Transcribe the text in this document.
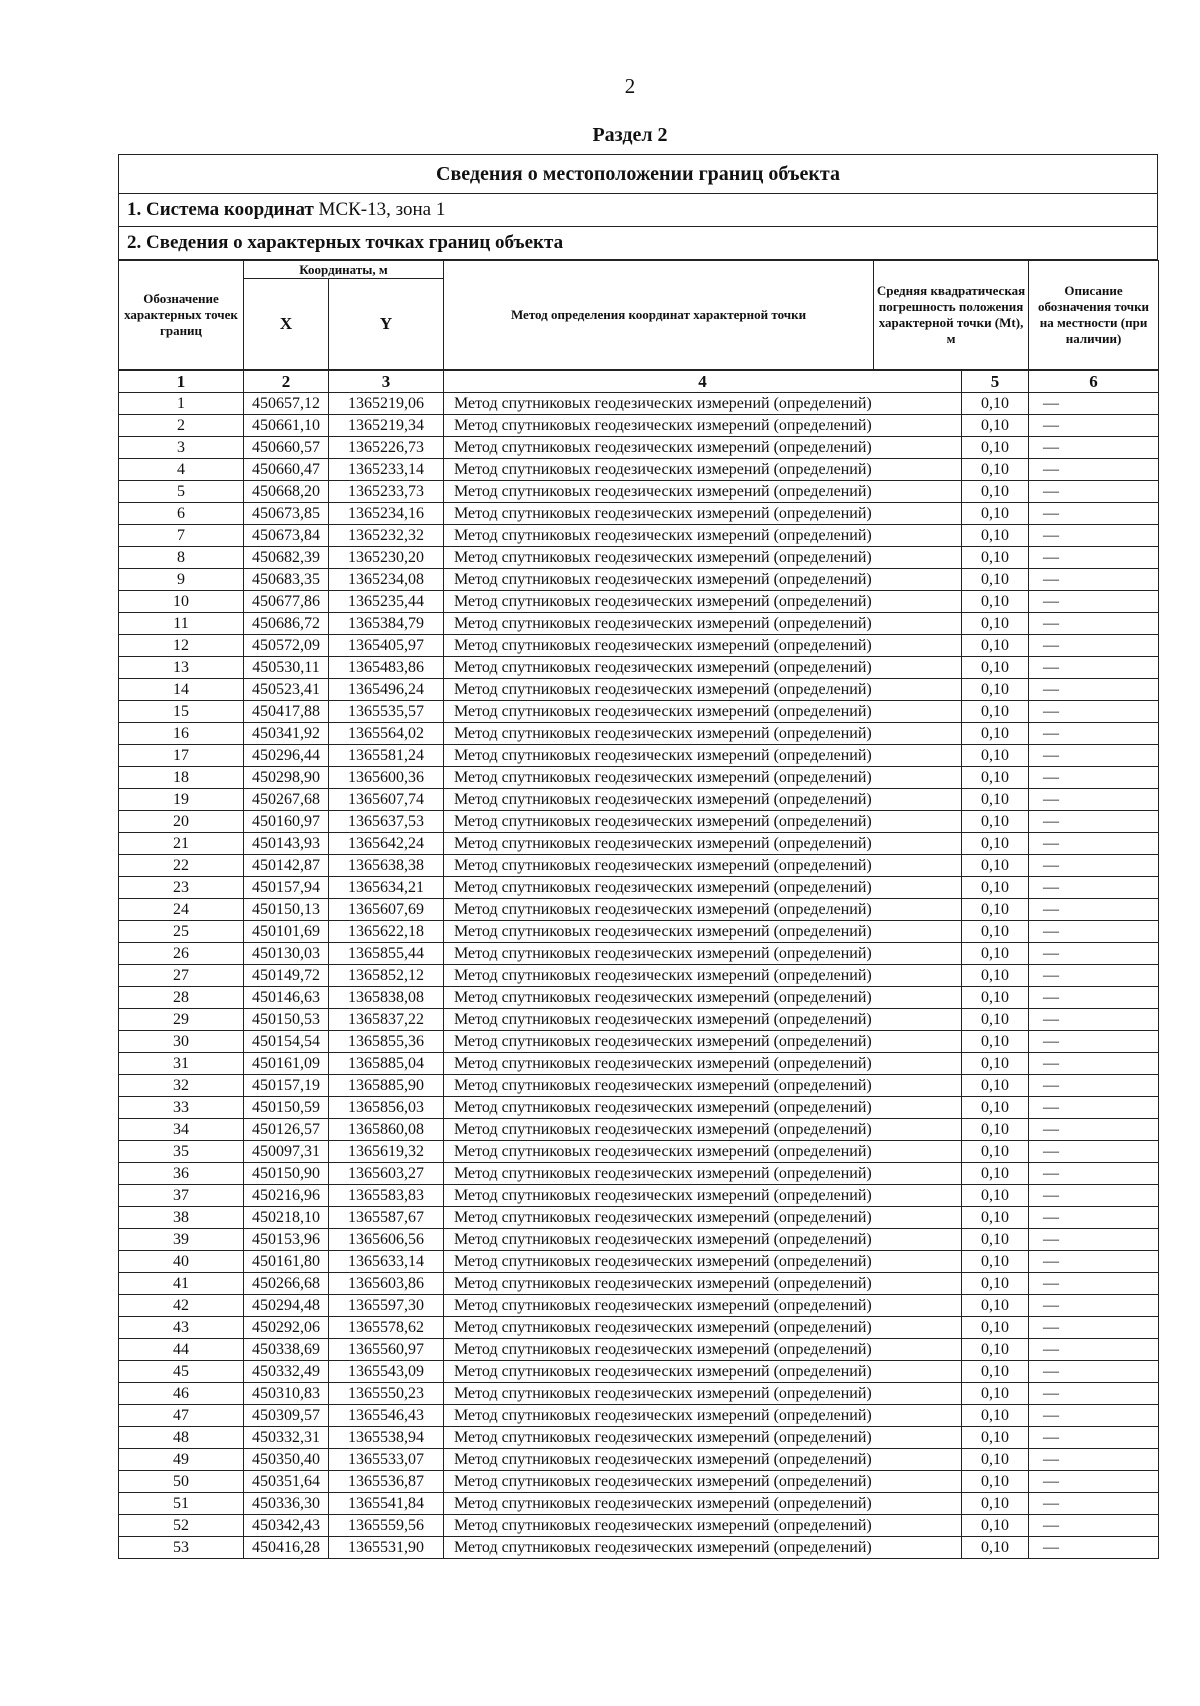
2
Раздел 2
Сведения о местоположении границ объекта
1. Система координат МСК-13, зона 1
2. Сведения о характерных точках границ объекта
Обозначение характерных точек границ	Координаты, м		Метод определения координат характерной точки	Средняя квадратическая погрешность положения характерной точки (Mt), м	Описание обозначения точки на местности (при наличии)
	X	Y			
1	2	3	4	5	6
1	450657,12	1365219,06	Метод спутниковых геодезических измерений (определений)	0,10	—
2	450661,10	1365219,34	Метод спутниковых геодезических измерений (определений)	0,10	—
3	450660,57	1365226,73	Метод спутниковых геодезических измерений (определений)	0,10	—
4	450660,47	1365233,14	Метод спутниковых геодезических измерений (определений)	0,10	—
5	450668,20	1365233,73	Метод спутниковых геодезических измерений (определений)	0,10	—
6	450673,85	1365234,16	Метод спутниковых геодезических измерений (определений)	0,10	—
7	450673,84	1365232,32	Метод спутниковых геодезических измерений (определений)	0,10	—
8	450682,39	1365230,20	Метод спутниковых геодезических измерений (определений)	0,10	—
9	450683,35	1365234,08	Метод спутниковых геодезических измерений (определений)	0,10	—
10	450677,86	1365235,44	Метод спутниковых геодезических измерений (определений)	0,10	—
11	450686,72	1365384,79	Метод спутниковых геодезических измерений (определений)	0,10	—
12	450572,09	1365405,97	Метод спутниковых геодезических измерений (определений)	0,10	—
13	450530,11	1365483,86	Метод спутниковых геодезических измерений (определений)	0,10	—
14	450523,41	1365496,24	Метод спутниковых геодезических измерений (определений)	0,10	—
15	450417,88	1365535,57	Метод спутниковых геодезических измерений (определений)	0,10	—
16	450341,92	1365564,02	Метод спутниковых геодезических измерений (определений)	0,10	—
17	450296,44	1365581,24	Метод спутниковых геодезических измерений (определений)	0,10	—
18	450298,90	1365600,36	Метод спутниковых геодезических измерений (определений)	0,10	—
19	450267,68	1365607,74	Метод спутниковых геодезических измерений (определений)	0,10	—
20	450160,97	1365637,53	Метод спутниковых геодезических измерений (определений)	0,10	—
21	450143,93	1365642,24	Метод спутниковых геодезических измерений (определений)	0,10	—
22	450142,87	1365638,38	Метод спутниковых геодезических измерений (определений)	0,10	—
23	450157,94	1365634,21	Метод спутниковых геодезических измерений (определений)	0,10	—
24	450150,13	1365607,69	Метод спутниковых геодезических измерений (определений)	0,10	—
25	450101,69	1365622,18	Метод спутниковых геодезических измерений (определений)	0,10	—
26	450130,03	1365855,44	Метод спутниковых геодезических измерений (определений)	0,10	—
27	450149,72	1365852,12	Метод спутниковых геодезических измерений (определений)	0,10	—
28	450146,63	1365838,08	Метод спутниковых геодезических измерений (определений)	0,10	—
29	450150,53	1365837,22	Метод спутниковых геодезических измерений (определений)	0,10	—
30	450154,54	1365855,36	Метод спутниковых геодезических измерений (определений)	0,10	—
31	450161,09	1365885,04	Метод спутниковых геодезических измерений (определений)	0,10	—
32	450157,19	1365885,90	Метод спутниковых геодезических измерений (определений)	0,10	—
33	450150,59	1365856,03	Метод спутниковых геодезических измерений (определений)	0,10	—
34	450126,57	1365860,08	Метод спутниковых геодезических измерений (определений)	0,10	—
35	450097,31	1365619,32	Метод спутниковых геодезических измерений (определений)	0,10	—
36	450150,90	1365603,27	Метод спутниковых геодезических измерений (определений)	0,10	—
37	450216,96	1365583,83	Метод спутниковых геодезических измерений (определений)	0,10	—
38	450218,10	1365587,67	Метод спутниковых геодезических измерений (определений)	0,10	—
39	450153,96	1365606,56	Метод спутниковых геодезических измерений (определений)	0,10	—
40	450161,80	1365633,14	Метод спутниковых геодезических измерений (определений)	0,10	—
41	450266,68	1365603,86	Метод спутниковых геодезических измерений (определений)	0,10	—
42	450294,48	1365597,30	Метод спутниковых геодезических измерений (определений)	0,10	—
43	450292,06	1365578,62	Метод спутниковых геодезических измерений (определений)	0,10	—
44	450338,69	1365560,97	Метод спутниковых геодезических измерений (определений)	0,10	—
45	450332,49	1365543,09	Метод спутниковых геодезических измерений (определений)	0,10	—
46	450310,83	1365550,23	Метод спутниковых геодезических измерений (определений)	0,10	—
47	450309,57	1365546,43	Метод спутниковых геодезических измерений (определений)	0,10	—
48	450332,31	1365538,94	Метод спутниковых геодезических измерений (определений)	0,10	—
49	450350,40	1365533,07	Метод спутниковых геодезических измерений (определений)	0,10	—
50	450351,64	1365536,87	Метод спутниковых геодезических измерений (определений)	0,10	—
51	450336,30	1365541,84	Метод спутниковых геодезических измерений (определений)	0,10	—
52	450342,43	1365559,56	Метод спутниковых геодезических измерений (определений)	0,10	—
53	450416,28	1365531,90	Метод спутниковых геодезических измерений (определений)	0,10	—
